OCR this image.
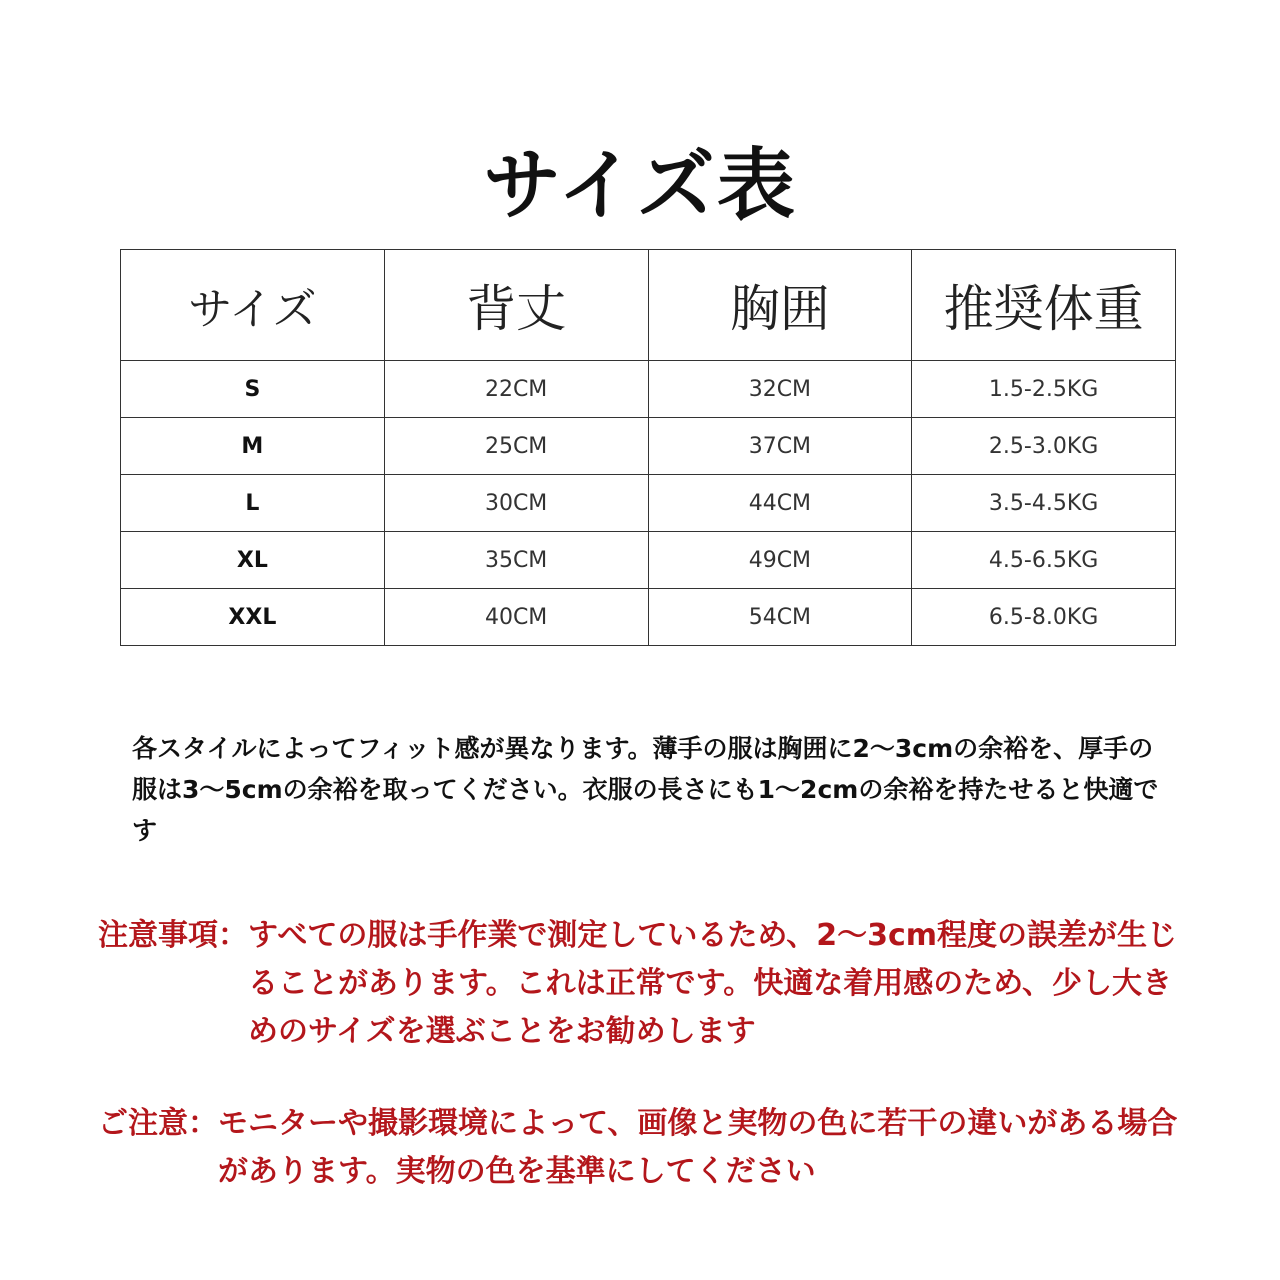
サイズ表
サイズ	背丈	胸囲	推奨体重
S	22CM	32CM	1.5-2.5KG
M	25CM	37CM	2.5-3.0KG
L	30CM	44CM	3.5-4.5KG
XL	35CM	49CM	4.5-6.5KG
XXL	40CM	54CM	6.5-8.0KG

各スタイルによってフィット感が異なります。薄手の服は胸囲に2～3cmの余裕を、厚手の服は3～5cmの余裕を取ってください。衣服の長さにも1～2cmの余裕を持たせると快適です

注意事項： すべての服は手作業で測定しているため、2～3cm程度の誤差が生じることがあります。これは正常です。快適な着用感のため、少し大きめのサイズを選ぶことをお勧めします
ご注意： モニターや撮影環境によって、画像と実物の色に若干の違いがある場合があります。実物の色を基準にしてください
